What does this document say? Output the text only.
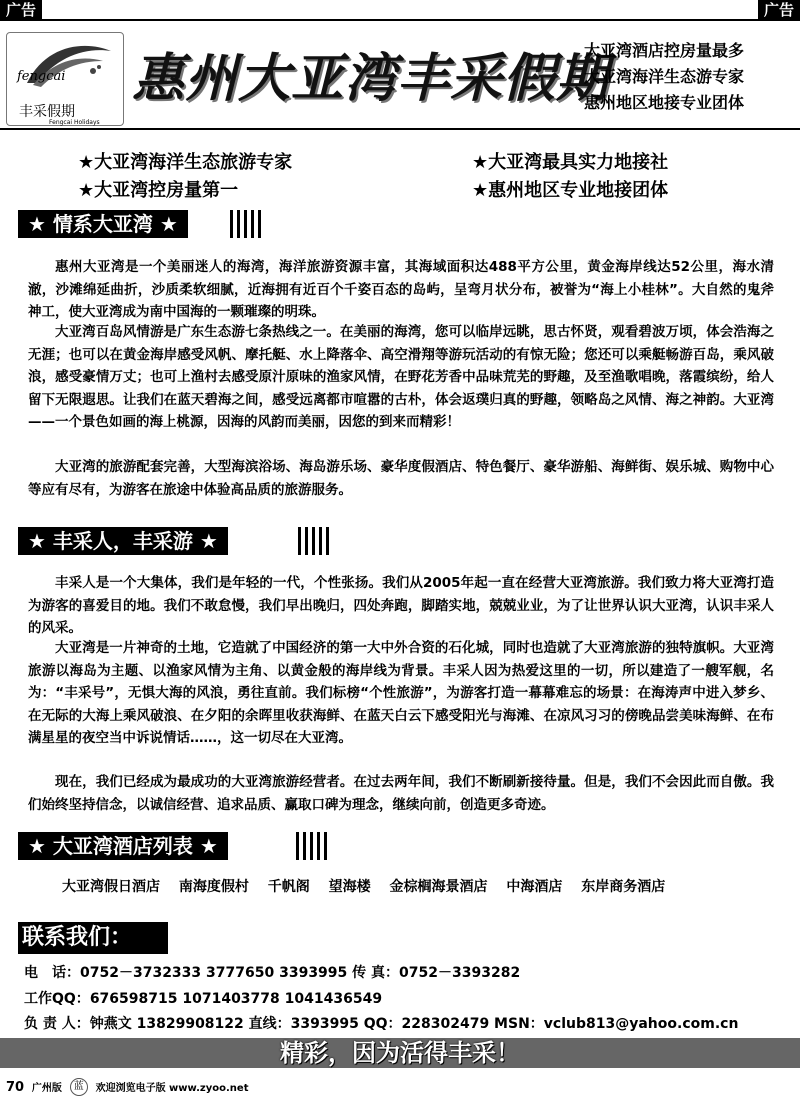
广告	广告
fengcai
丰采假期
Fengcai Holidays
惠州大亚湾丰采假期
大亚湾酒店控房量最多
大亚湾海洋生态游专家
惠州地区地接专业团体
★大亚湾海洋生态旅游专家	★大亚湾最具实力地接社
★大亚湾控房量第一	★惠州地区专业地接团体
★ 情系大亚湾 ★
惠州大亚湾是一个美丽迷人的海湾，海洋旅游资源丰富，其海域面积达488平方公里，黄金海岸线达52公里，海水清澈，沙滩绵延曲折，沙质柔软细腻，近海拥有近百个千姿百态的岛屿，呈弯月状分布，被誉为“海上小桂林”。大自然的鬼斧神工，使大亚湾成为南中国海的一颗璀璨的明珠。
大亚湾百岛风情游是广东生态游七条热线之一。在美丽的海湾，您可以临岸远眺，思古怀贤，观看碧波万顷，体会浩海之无涯；也可以在黄金海岸感受风帆、摩托艇、水上降落伞、高空滑翔等游玩活动的有惊无险；您还可以乘艇畅游百岛，乘风破浪，感受豪情万丈；也可上渔村去感受原汁原味的渔家风情，在野花芳香中品味荒芜的野趣，及至渔歌唱晚，落霞缤纷，给人留下无限遐思。让我们在蓝天碧海之间，感受远离都市喧嚣的古朴，体会返璞归真的野趣，领略岛之风情、海之神韵。大亚湾——一个景色如画的海上桃源，因海的风韵而美丽，因您的到来而精彩！
大亚湾的旅游配套完善，大型海滨浴场、海岛游乐场、豪华度假酒店、特色餐厅、豪华游船、海鲜街、娱乐城、购物中心等应有尽有，为游客在旅途中体验高品质的旅游服务。
★ 丰采人，丰采游 ★
丰采人是一个大集体，我们是年轻的一代，个性张扬。我们从2005年起一直在经营大亚湾旅游。我们致力将大亚湾打造为游客的喜爱目的地。我们不敢怠慢，我们早出晚归，四处奔跑，脚踏实地，兢兢业业，为了让世界认识大亚湾，认识丰采人的风采。
大亚湾是一片神奇的土地，它造就了中国经济的第一大中外合资的石化城，同时也造就了大亚湾旅游的独特旗帜。大亚湾旅游以海岛为主题、以渔家风情为主角、以黄金般的海岸线为背景。丰采人因为热爱这里的一切，所以建造了一艘军舰，名为：“丰采号”，无惧大海的风浪，勇往直前。我们标榜“个性旅游”，为游客打造一幕幕难忘的场景：在海涛声中进入梦乡、在无际的大海上乘风破浪、在夕阳的余晖里收获海鲜、在蓝天白云下感受阳光与海滩、在凉风习习的傍晚品尝美味海鲜、在布满星星的夜空当中诉说情话……，这一切尽在大亚湾。
现在，我们已经成为最成功的大亚湾旅游经营者。在过去两年间，我们不断刷新接待量。但是，我们不会因此而自傲。我们始终坚持信念，以诚信经营、追求品质、赢取口碑为理念，继续向前，创造更多奇迹。
★ 大亚湾酒店列表 ★
大亚湾假日酒店 南海度假村 千帆阁 望海楼 金棕榈海景酒店 中海酒店 东岸商务酒店
联系我们：
电　话：0752－3732333 3777650 3393995 传 真：0752－3393282
工作QQ：676598715 1071403778 1041436549
负 责 人：钟燕文 13829908122 直线：3393995 QQ：228302479 MSN：vclub813@yahoo.com.cn
精彩，因为活得丰采！
70 广州版 蓝 欢迎浏览电子版 www.zyoo.net
